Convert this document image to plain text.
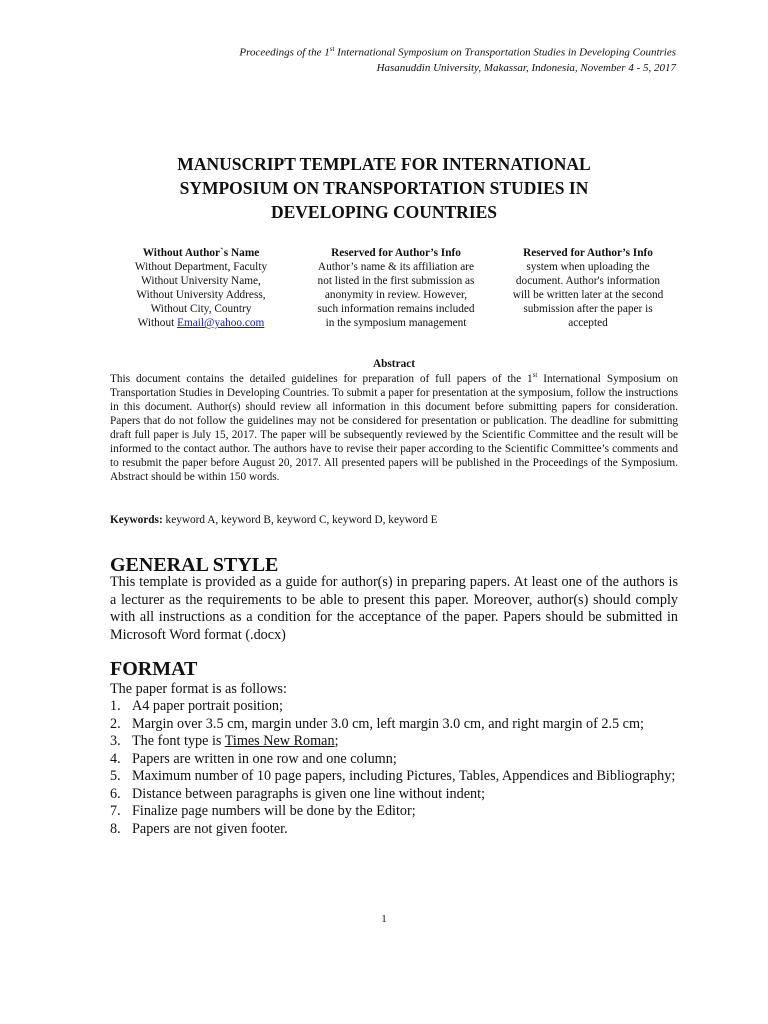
Proceedings of the 1st International Symposium on Transportation Studies in Developing Countries
Hasanuddin University, Makassar, Indonesia, November 4 - 5, 2017
MANUSCRIPT TEMPLATE FOR INTERNATIONAL
SYMPOSIUM ON TRANSPORTATION STUDIES IN
DEVELOPING COUNTRIES
Without Author`s Name
Without Department, Faculty
Without University Name,
Without University Address,
Without City, Country
Without Email@yahoo.com
Reserved for Author’s Info
Author’s name & its affiliation are
not listed in the first submission as
anonymity in review. However,
such information remains included
in the symposium management
Reserved for Author’s Info
system when uploading the
document. Author's information
will be written later at the second
submission after the paper is
accepted
Abstract
This document contains the detailed guidelines for preparation of full papers of the 1st International Symposium on Transportation Studies in Developing Countries. To submit a paper for presentation at the symposium, follow the instructions in this document. Author(s) should review all information in this document before submitting papers for consideration. Papers that do not follow the guidelines may not be considered for presentation or publication. The deadline for submitting draft full paper is July 15, 2017. The paper will be subsequently reviewed by the Scientific Committee and the result will be informed to the contact author. The authors have to revise their paper according to the Scientific Committee’s comments and to resubmit the paper before August 20, 2017. All presented papers will be published in the Proceedings of the Symposium. Abstract should be within 150 words.
Keywords: keyword A, keyword B, keyword C, keyword D, keyword E
GENERAL STYLE
This template is provided as a guide for author(s) in preparing papers. At least one of the authors is a lecturer as the requirements to be able to present this paper. Moreover, author(s) should comply with all instructions as a condition for the acceptance of the paper. Papers should be submitted in Microsoft Word format (.docx)
FORMAT
The paper format is as follows:
1. A4 paper portrait position;
2. Margin over 3.5 cm, margin under 3.0 cm, left margin 3.0 cm, and right margin of 2.5 cm;
3. The font type is Times New Roman;
4. Papers are written in one row and one column;
5. Maximum number of 10 page papers, including Pictures, Tables, Appendices and Bibliography;
6. Distance between paragraphs is given one line without indent;
7. Finalize page numbers will be done by the Editor;
8. Papers are not given footer.
1
